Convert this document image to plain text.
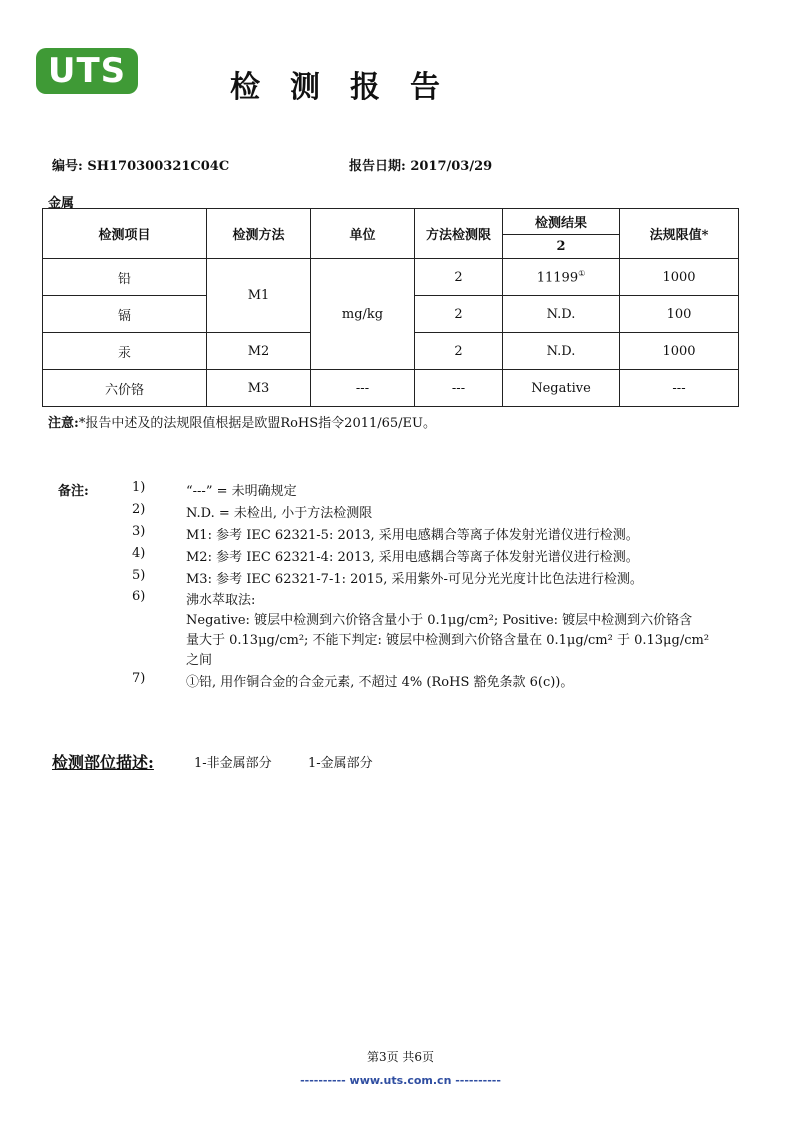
UTS	检测报告
编号: SH170300321C04C	报告日期: 2017/03/29
金属
检测项目	检测方法	单位	方法检测限	检测结果	法规限值*
				2	
铅	M1	mg/kg	2	11199①	1000
镉			2	N.D.	100
汞	M2		2	N.D.	1000
六价铬	M3	---	---	Negative	---
注意:*报告中述及的法规限值根据是欧盟RoHS指令2011/65/EU。
备注:	1)	“---” = 未明确规定
2)	N.D. = 未检出, 小于方法检测限
3)	M1: 参考 IEC 62321-5: 2013, 采用电感耦合等离子体发射光谱仪进行检测。
4)	M2: 参考 IEC 62321-4: 2013, 采用电感耦合等离子体发射光谱仪进行检测。
5)	M3: 参考 IEC 62321-7-1: 2015, 采用紫外-可见分光光度计比色法进行检测。
6)	沸水萃取法:
Negative: 镀层中检测到六价铬含量小于 0.1μg/cm²; Positive: 镀层中检测到六价铬含
量大于 0.13μg/cm²; 不能下判定: 镀层中检测到六价铬含量在 0.1μg/cm² 于 0.13μg/cm²
之间
7)	①铅, 用作铜合金的合金元素, 不超过 4% (RoHS 豁免条款 6(c))。
检测部位描述:	1-非金属部分	1-金属部分
第3页 共6页
---------- www.uts.com.cn ----------
